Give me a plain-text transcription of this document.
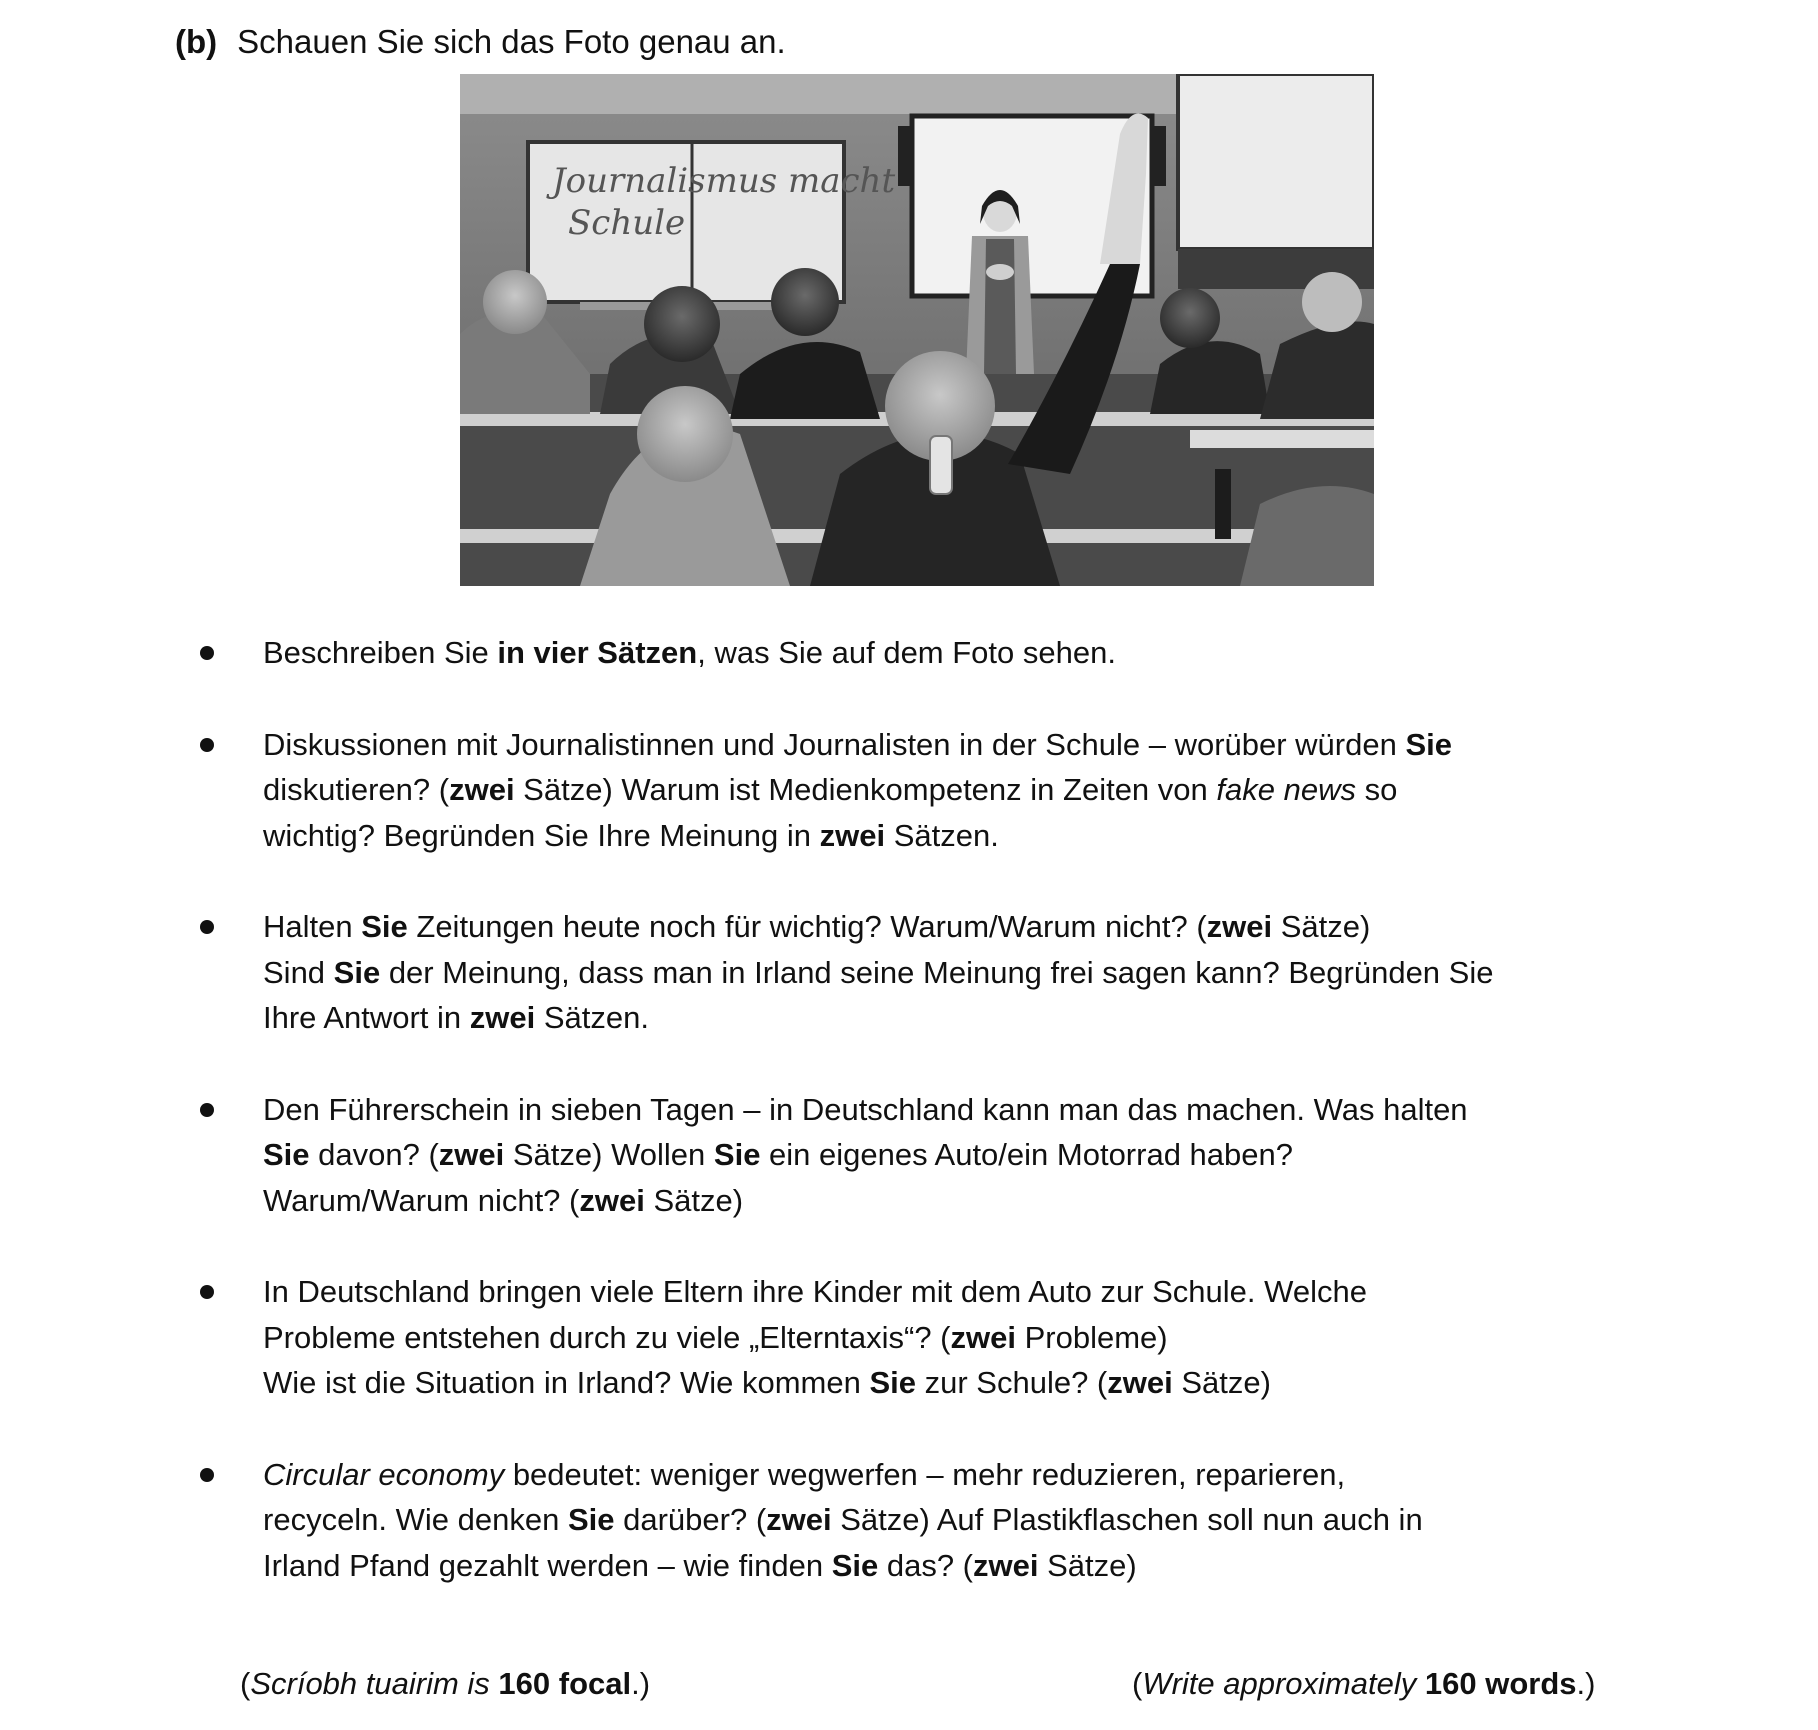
(b) Schauen Sie sich das Foto genau an.
Journalismus macht
Schule
Beschreiben Sie in vier Sätzen, was Sie auf dem Foto sehen.
Diskussionen mit Journalistinnen und Journalisten in der Schule – worüber würden Sie
diskutieren? (zwei Sätze) Warum ist Medienkompetenz in Zeiten von fake news so
wichtig? Begründen Sie Ihre Meinung in zwei Sätzen.
Halten Sie Zeitungen heute noch für wichtig? Warum/Warum nicht? (zwei Sätze)
Sind Sie der Meinung, dass man in Irland seine Meinung frei sagen kann? Begründen Sie
Ihre Antwort in zwei Sätzen.
Den Führerschein in sieben Tagen – in Deutschland kann man das machen. Was halten
Sie davon? (zwei Sätze) Wollen Sie ein eigenes Auto/ein Motorrad haben?
Warum/Warum nicht? (zwei Sätze)
In Deutschland bringen viele Eltern ihre Kinder mit dem Auto zur Schule. Welche
Probleme entstehen durch zu viele „Elterntaxis“? (zwei Probleme)
Wie ist die Situation in Irland? Wie kommen Sie zur Schule? (zwei Sätze)
Circular economy bedeutet: weniger wegwerfen – mehr reduzieren, reparieren,
recyceln. Wie denken Sie darüber? (zwei Sätze) Auf Plastikflaschen soll nun auch in
Irland Pfand gezahlt werden – wie finden Sie das? (zwei Sätze)
(Scríobh tuairim is 160 focal.)	(Write approximately 160 words.)
